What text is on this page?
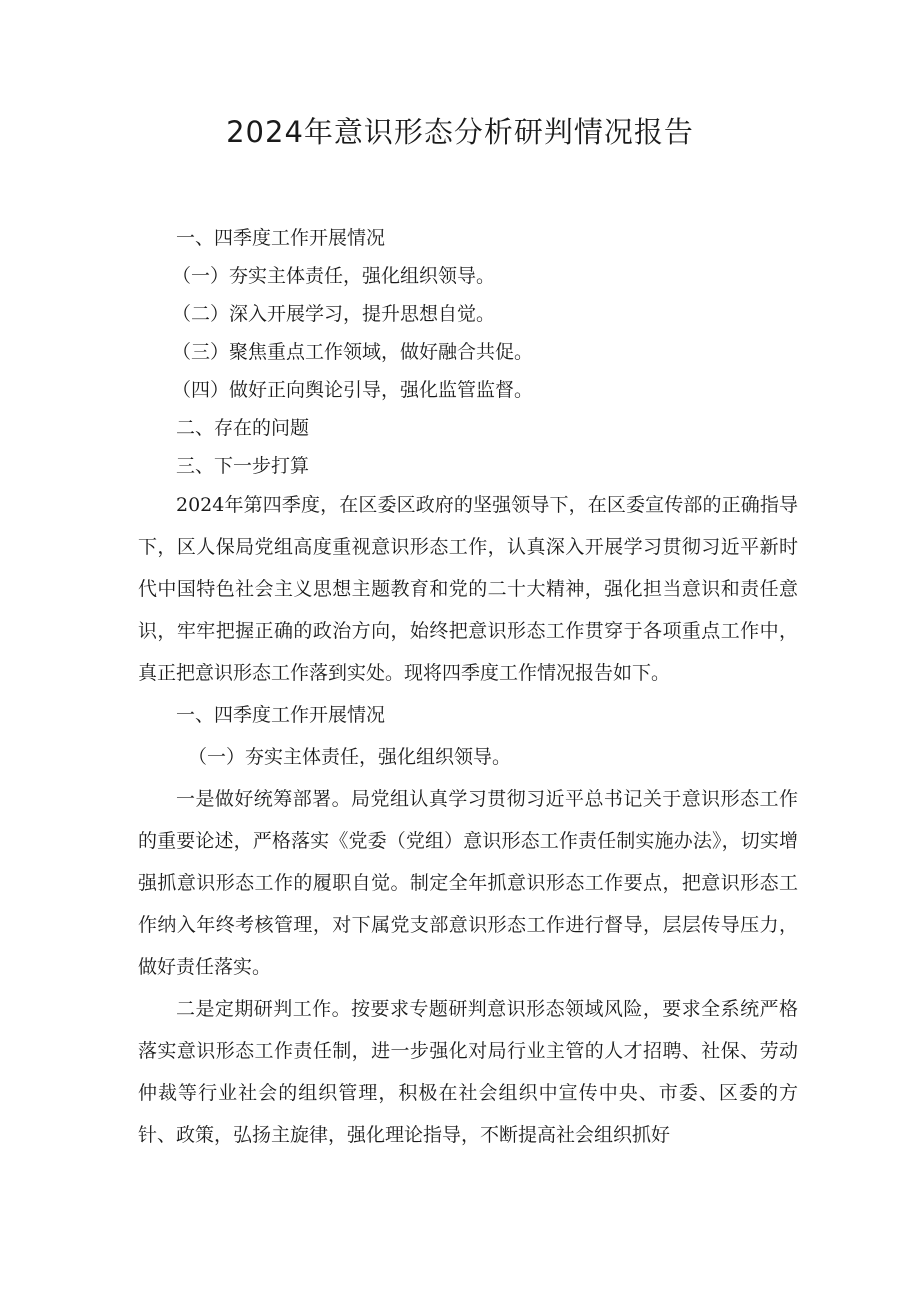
2024年意识形态分析研判情况报告
一、四季度工作开展情况
（一）夯实主体责任，强化组织领导。
（二）深入开展学习，提升思想自觉。
（三）聚焦重点工作领域，做好融合共促。
（四）做好正向舆论引导，强化监管监督。
二、存在的问题
三、下一步打算

2024年第四季度，在区委区政府的坚强领导下，在区委宣传部的正确指导下，区人保局党组高度重视意识形态工作，认真深入开展学习贯彻习近平新时代中国特色社会主义思想主题教育和党的二十大精神，强化担当意识和责任意识，牢牢把握正确的政治方向，始终把意识形态工作贯穿于各项重点工作中，真正把意识形态工作落到实处。现将四季度工作情况报告如下。

一、四季度工作开展情况

（一）夯实主体责任，强化组织领导。

一是做好统筹部署。局党组认真学习贯彻习近平总书记关于意识形态工作的重要论述，严格落实《党委（党组）意识形态工作责任制实施办法》，切实增强抓意识形态工作的履职自觉。制定全年抓意识形态工作要点，把意识形态工作纳入年终考核管理，对下属党支部意识形态工作进行督导，层层传导压力，做好责任落实。

二是定期研判工作。按要求专题研判意识形态领域风险，要求全系统严格落实意识形态工作责任制，进一步强化对局行业主管的人才招聘、社保、劳动仲裁等行业社会的组织管理，积极在社会组织中宣传中央、市委、区委的方针、政策，弘扬主旋律，强化理论指导，不断提高社会组织抓好
